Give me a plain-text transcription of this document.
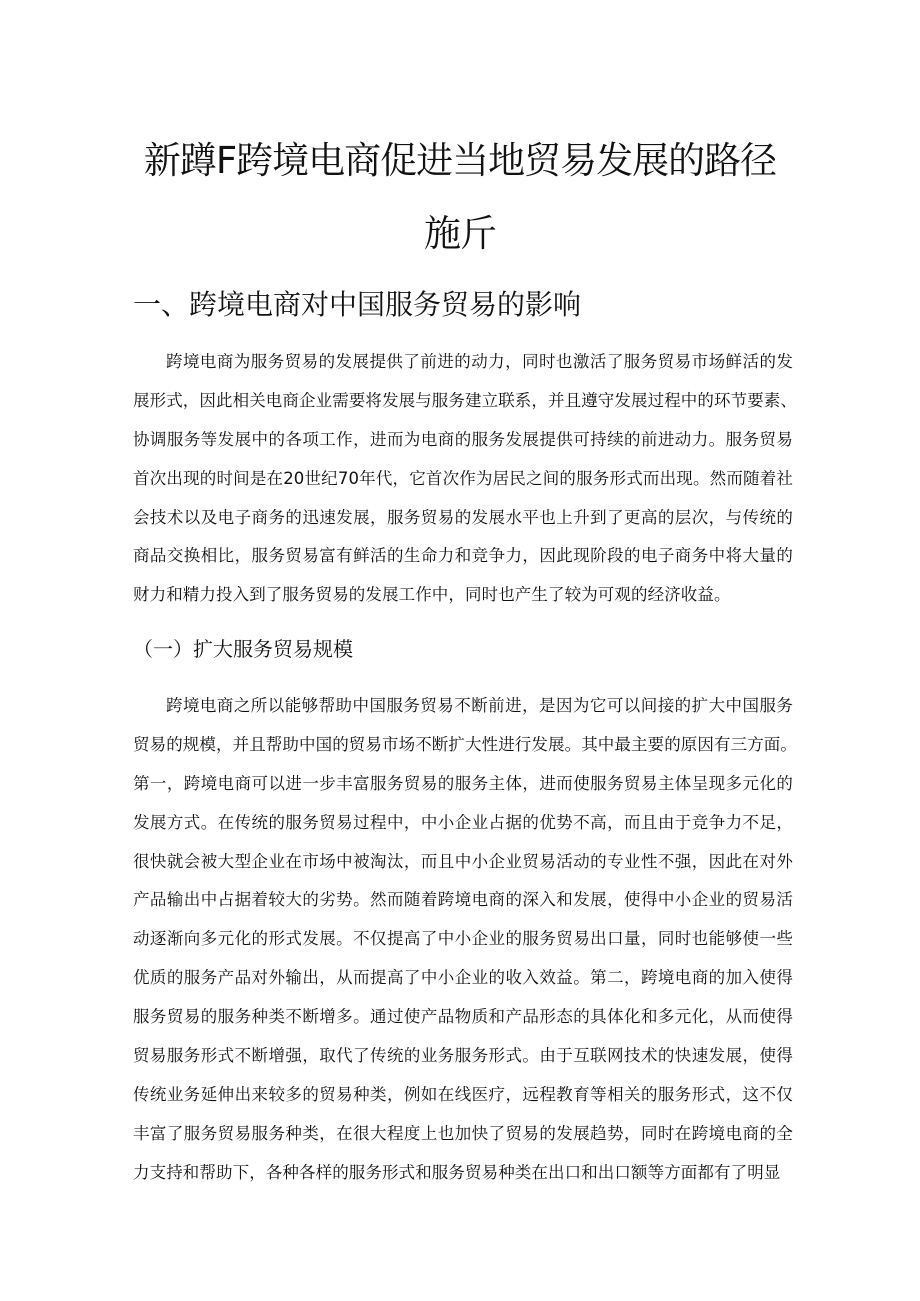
新蹲F跨境电商促进当地贸易发展的路径
施斤
一、跨境电商对中国服务贸易的影响
跨境电商为服务贸易的发展提供了前进的动力，同时也激活了服务贸易市场鲜活的发
展形式，因此相关电商企业需要将发展与服务建立联系，并且遵守发展过程中的环节要素、
协调服务等发展中的各项工作，进而为电商的服务发展提供可持续的前进动力。服务贸易
首次出现的时间是在20世纪70年代，它首次作为居民之间的服务形式而出现。然而随着社
会技术以及电子商务的迅速发展，服务贸易的发展水平也上升到了更高的层次，与传统的
商品交换相比，服务贸易富有鲜活的生命力和竞争力，因此现阶段的电子商务中将大量的
财力和精力投入到了服务贸易的发展工作中，同时也产生了较为可观的经济收益。
（一）扩大服务贸易规模
跨境电商之所以能够帮助中国服务贸易不断前进，是因为它可以间接的扩大中国服务
贸易的规模，并且帮助中国的贸易市场不断扩大性进行发展。其中最主要的原因有三方面。
第一，跨境电商可以进一步丰富服务贸易的服务主体，进而使服务贸易主体呈现多元化的
发展方式。在传统的服务贸易过程中，中小企业占据的优势不高，而且由于竞争力不足，
很快就会被大型企业在市场中被淘汰，而且中小企业贸易活动的专业性不强，因此在对外
产品输出中占据着较大的劣势。然而随着跨境电商的深入和发展，使得中小企业的贸易活
动逐渐向多元化的形式发展。不仅提高了中小企业的服务贸易出口量，同时也能够使一些
优质的服务产品对外输出，从而提高了中小企业的收入效益。第二，跨境电商的加入使得
服务贸易的服务种类不断增多。通过使产品物质和产品形态的具体化和多元化，从而使得
贸易服务形式不断增强，取代了传统的业务服务形式。由于互联网技术的快速发展，使得
传统业务延伸出来较多的贸易种类，例如在线医疗，远程教育等相关的服务形式，这不仅
丰富了服务贸易服务种类，在很大程度上也加快了贸易的发展趋势，同时在跨境电商的全
力支持和帮助下，各种各样的服务形式和服务贸易种类在出口和出口额等方面都有了明显
